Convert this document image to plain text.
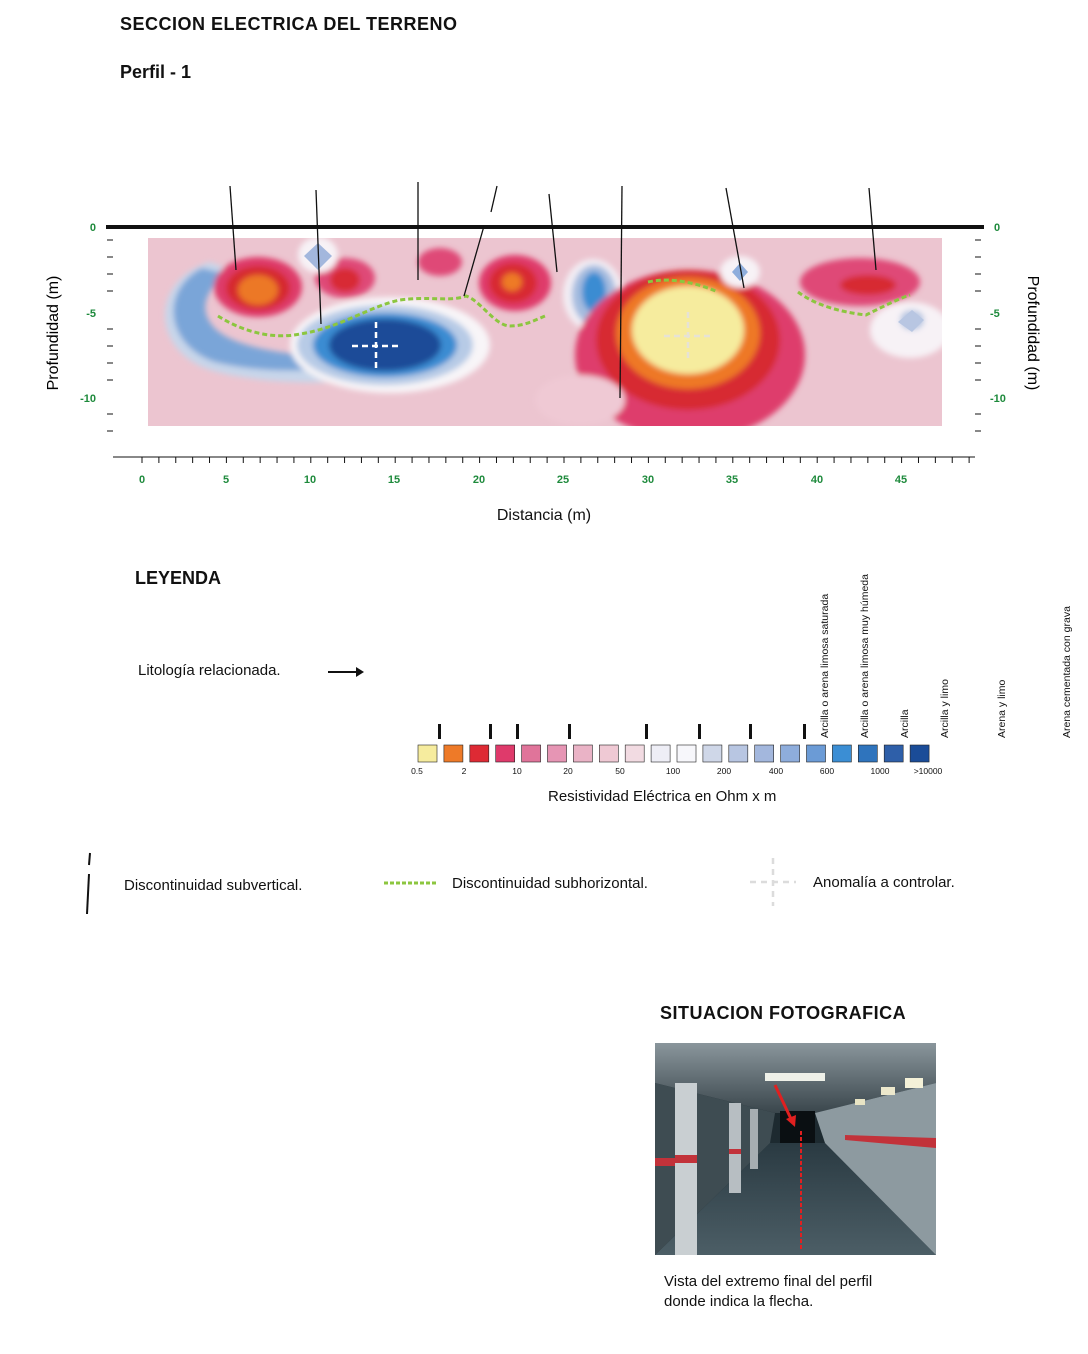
SECCION ELECTRICA DEL TERRENO
Perfil - 1
0
-5
-10
0
-5
-10
Profundidad (m)	Profundidad (m)
0	5	10	15	20	25	30	35	40	45
Distancia (m)
LEYENDA
Litología relacionada.	Arcilla o arena limosa saturada	Arcilla o arena limosa muy húmeda	Arcilla	Arcilla y limo	Arena y limo	Arena cementada con grava
0.5	2	10	20	50	100	200	400	600	1000	>10000
Resistividad Eléctrica en Ohm x m
Discontinuidad subvertical.	Discontinuidad subhorizontal.	Anomalía a controlar.
SITUACION FOTOGRAFICA
Vista del extremo final del perfil
donde indica la flecha.
